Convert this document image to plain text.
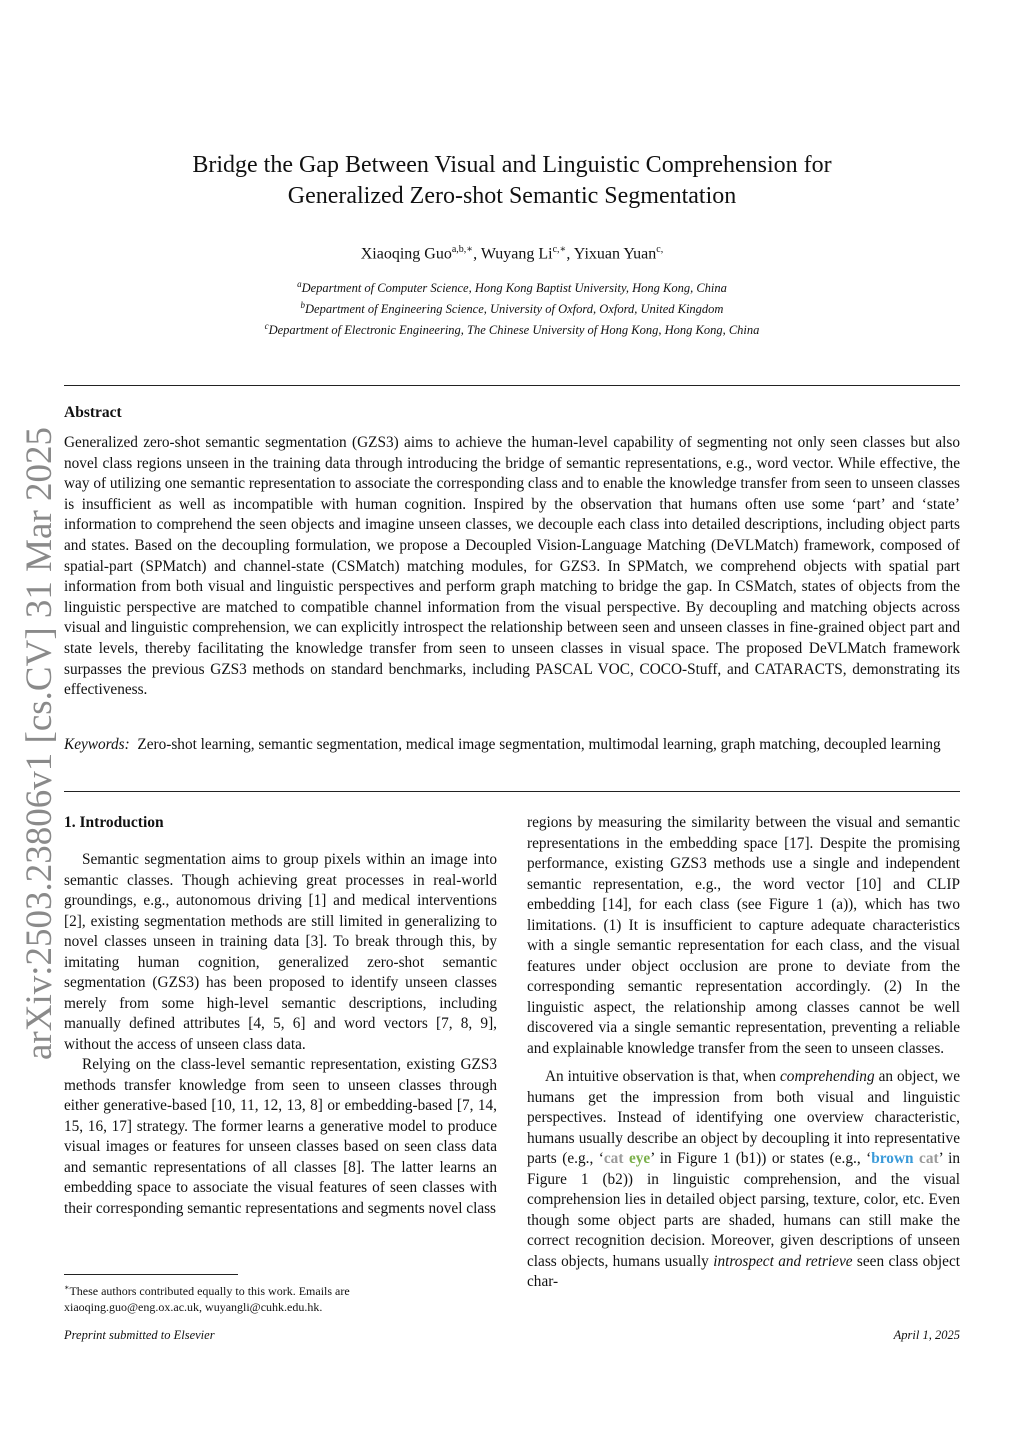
arXiv:2503.23806v1 [cs.CV] 31 Mar 2025
Bridge the Gap Between Visual and Linguistic Comprehension for
Generalized Zero-shot Semantic Segmentation
Xiaoqing Guo$^{a,b,∗}$, Wuyang $Li^{c,∗}$, Yixuan Yuan$^{c,}$
$^a$Department of Computer Science, Hong Kong Baptist University, Hong Kong, China
$^b$Department of Engineering Science, University of Oxford, Oxford, United Kingdom
$^c$Department of Electronic Engineering, The Chinese University of Hong Kong, Hong Kong, China
Abstract
Generalized zero-shot semantic segmentation (GZS3) aims to achieve the human-level capability of segmenting not only seen classes but also novel class regions unseen in the training data through introducing the bridge of semantic representations, e.g., word vector. While effective, the way of utilizing one semantic representation to associate the corresponding class and to enable the knowledge transfer from seen to unseen classes is insufficient as well as incompatible with human cognition. Inspired by the observation that humans often use some ‘part’ and ‘state’ information to comprehend the seen objects and imagine unseen classes, we decouple each class into detailed descriptions, including object parts and states. Based on the decoupling formulation, we propose a Decoupled Vision-Language Matching (DeVLMatch) framework, composed of spatial-part (SPMatch) and channel-state (CSMatch) matching modules, for GZS3. In SPMatch, we comprehend objects with spatial part information from both visual and linguistic perspectives and perform graph matching to bridge the gap. In CSMatch, states of objects from the linguistic perspective are matched to compatible channel information from the visual perspective. By decoupling and matching objects across visual and linguistic comprehension, we can explicitly introspect the relationship between seen and unseen classes in fine-grained object part and state levels, thereby facilitating the knowledge transfer from seen to unseen classes in visual space. The proposed DeVLMatch framework surpasses the previous GZS3 methods on standard benchmarks, including PASCAL VOC, COCO-Stuff, and CATARACTS, demonstrating its effectiveness.
Keywords: Zero-shot learning, semantic segmentation, medical image segmentation, multimodal learning, graph matching, decoupled learning
1. Introduction

Semantic segmentation aims to group pixels within an image into semantic classes. Though achieving great processes in real-world groundings, e.g., autonomous driving [1] and medical interventions [2], existing segmentation methods are still limited in generalizing to novel classes unseen in training data [3]. To break through this, by imitating human cognition, generalized zero-shot semantic segmentation (GZS3) has been proposed to identify unseen classes merely from some high-level semantic descriptions, including manually defined attributes [4, 5, 6] and word vectors [7, 8, 9], without the access of unseen class data.

Relying on the class-level semantic representation, existing GZS3 methods transfer knowledge from seen to unseen classes through either generative-based [10, 11, 12, 13, 8] or embedding-based [7, 14, 15, 16, 17] strategy. The former learns a generative model to produce visual images or features for unseen classes based on seen class data and semantic representations of all classes [8]. The latter learns an embedding space to associate the visual features of seen classes with their corresponding semantic representations and segments novel class

regions by measuring the similarity between the visual and semantic representations in the embedding space [17]. Despite the promising performance, existing GZS3 methods use a single and independent semantic representation, e.g., the word vector [10] and CLIP embedding [14], for each class (see Figure 1 (a)), which has two limitations. (1) It is insufficient to capture adequate characteristics with a single semantic representation for each class, and the visual features under object occlusion are prone to deviate from the corresponding semantic representation accordingly. (2) In the linguistic aspect, the relationship among classes cannot be well discovered via a single semantic representation, preventing a reliable and explainable knowledge transfer from the seen to unseen classes.

An intuitive observation is that, when comprehending an object, we humans get the impression from both visual and linguistic perspectives. Instead of identifying one overview characteristic, humans usually describe an object by decoupling it into representative parts (e.g., ‘cat eye’ in Figure 1 (b1)) or states (e.g., ‘brown cat’ in Figure 1 (b2)) in linguistic comprehension, and the visual comprehension lies in detailed object parsing, texture, color, etc. Even though some object parts are shaded, humans can still make the correct recognition decision. Moreover, given descriptions of unseen class objects, humans usually introspect and retrieve seen class object char-

∗These authors contributed equally to this work. Emails are
xiaoqing.guo@eng.ox.ac.uk, wuyangli@cuhk.edu.hk.
Preprint submitted to Elsevier	April 1, 2025
